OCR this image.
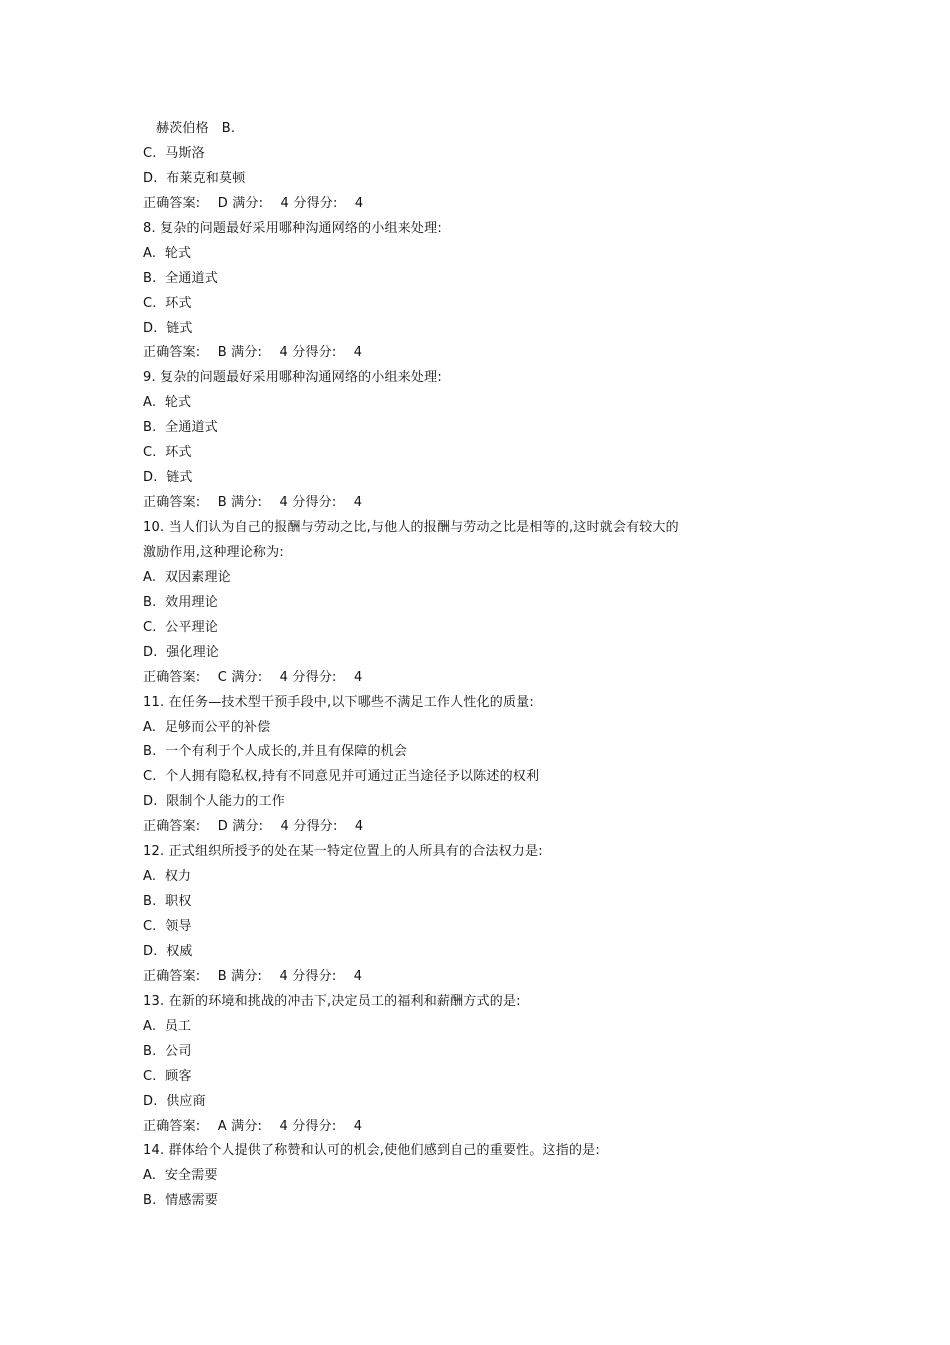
赫茨伯格   B.
C.  马斯洛
D.  布莱克和莫顿
正确答案:    D 满分:    4 分得分:    4
8. 复杂的问题最好采用哪种沟通网络的小组来处理:
A.  轮式
B.  全通道式
C.  环式
D.  链式
正确答案:    B 满分:    4 分得分:    4
9. 复杂的问题最好采用哪种沟通网络的小组来处理:
A.  轮式
B.  全通道式
C.  环式
D.  链式
正确答案:    B 满分:    4 分得分:    4
10. 当人们认为自己的报酬与劳动之比,与他人的报酬与劳动之比是相等的,这时就会有较大的
激励作用,这种理论称为:
A.  双因素理论
B.  效用理论
C.  公平理论
D.  强化理论
正确答案:    C 满分:    4 分得分:    4
11. 在任务—技术型干预手段中,以下哪些不满足工作人性化的质量:
A.  足够而公平的补偿
B.  一个有利于个人成长的,并且有保障的机会
C.  个人拥有隐私权,持有不同意见并可通过正当途径予以陈述的权利
D.  限制个人能力的工作
正确答案:    D 满分:    4 分得分:    4
12. 正式组织所授予的处在某一特定位置上的人所具有的合法权力是:
A.  权力
B.  职权
C.  领导
D.  权威
正确答案:    B 满分:    4 分得分:    4
13. 在新的环境和挑战的冲击下,决定员工的福利和薪酬方式的是:
A.  员工
B.  公司
C.  顾客
D.  供应商
正确答案:    A 满分:    4 分得分:    4
14. 群体给个人提供了称赞和认可的机会,使他们感到自己的重要性。这指的是:
A.  安全需要
B.  情感需要
